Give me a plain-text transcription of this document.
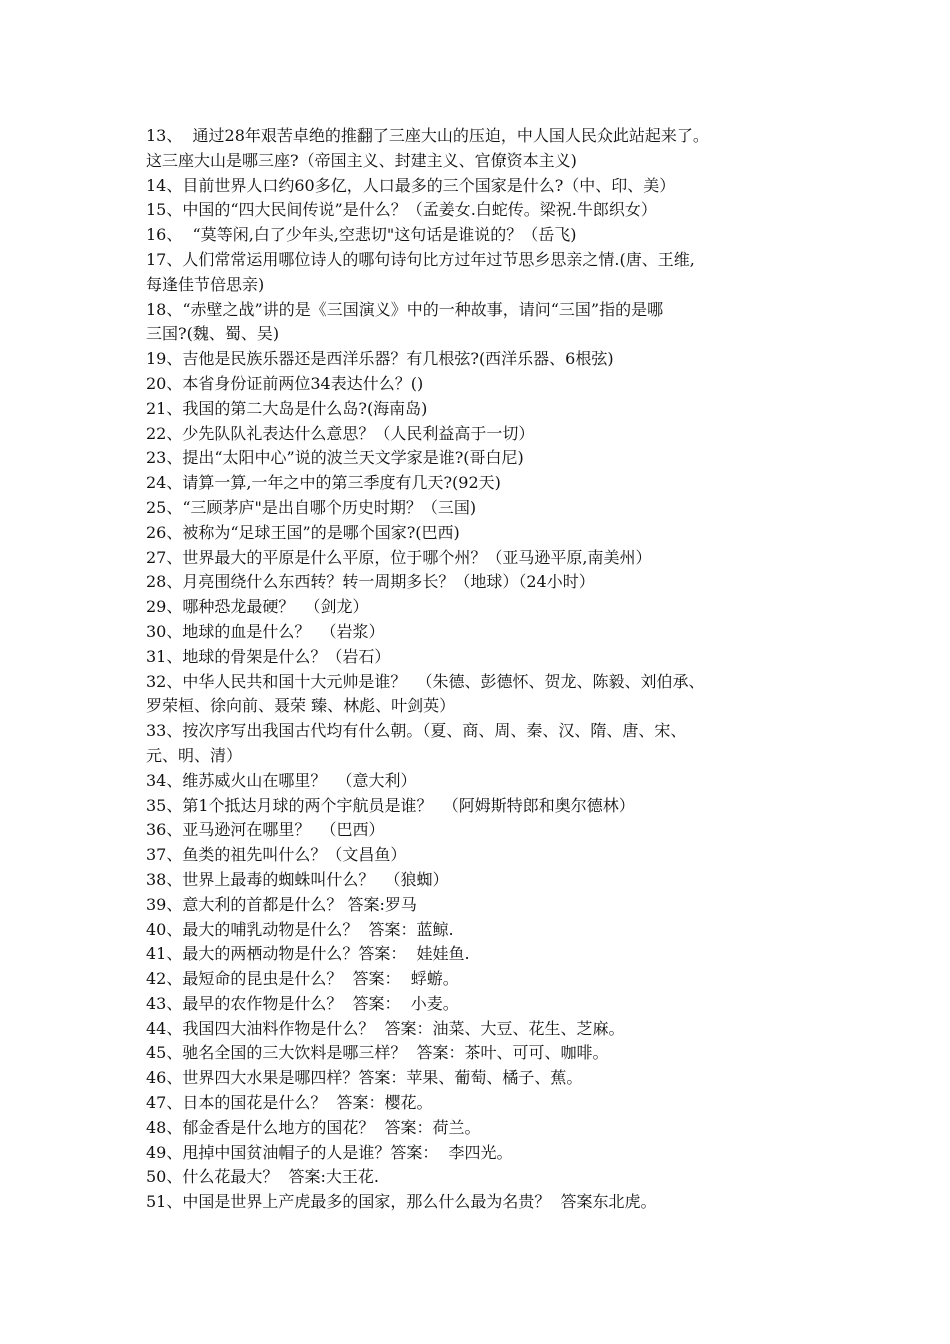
13、  通过28年艰苦卓绝的推翻了三座大山的压迫，中人国人民众此站起来了。
这三座大山是哪三座?（帝国主义、封建主义、官僚资本主义)
14、目前世界人口约60多亿，人口最多的三个国家是什么?（中、印、美）
15、中国的“四大民间传说”是什么？（孟姜女.白蛇传。梁祝.牛郎织女）
16、  “莫等闲,白了少年头,空悲切"这句话是谁说的？（岳飞)
17、人们常常运用哪位诗人的哪句诗句比方过年过节思乡思亲之情.(唐、王维,
每逢佳节倍思亲)
18、“赤壁之战”讲的是《三国演义》中的一种故事，请问“三国”指的是哪
三国?(魏、蜀、吴)
19、吉他是民族乐器还是西洋乐器？有几根弦?(西洋乐器、6根弦)
20、本省身份证前两位34表达什么？()
21、我国的第二大岛是什么岛?(海南岛)
22、少先队队礼表达什么意思？（人民利益高于一切）
23、提出“太阳中心”说的波兰天文学家是谁?(哥白尼)
24、请算一算,一年之中的第三季度有几天?(92天)
25、“三顾茅庐"是出自哪个历史时期？（三国)
26、被称为“足球王国”的是哪个国家?(巴西)
27、世界最大的平原是什么平原，位于哪个州？（亚马逊平原,南美州）
28、月亮围绕什么东西转？转一周期多长？（地球）（24小时）
29、哪种恐龙最硬？  （剑龙）
30、地球的血是什么？  （岩浆）
31、地球的骨架是什么？（岩石）
32、中华人民共和国十大元帅是谁？  （朱德、彭德怀、贺龙、陈毅、刘伯承、
罗荣桓、徐向前、聂荣 臻、林彪、叶剑英）
33、按次序写出我国古代均有什么朝。（夏、商、周、秦、汉、隋、唐、宋、
元、明、清）
34、维苏威火山在哪里？  （意大利）
35、第1个抵达月球的两个宇航员是谁？  （阿姆斯特郎和奥尔德林）
36、亚马逊河在哪里？  （巴西）
37、鱼类的祖先叫什么？（文昌鱼）
38、世界上最毒的蜘蛛叫什么？  （狼蜘）
39、意大利的首都是什么？ 答案:罗马
40、最大的哺乳动物是什么？  答案：蓝鲸.
41、最大的两栖动物是什么？答案：  娃娃鱼.
42、最短命的昆虫是什么？  答案：  蜉蝣。
43、最早的农作物是什么？  答案：  小麦。
44、我国四大油料作物是什么？  答案：油菜、大豆、花生、芝麻。
45、驰名全国的三大饮料是哪三样？  答案：茶叶、可可、咖啡。
46、世界四大水果是哪四样？答案：苹果、葡萄、橘子、蕉。
47、日本的国花是什么？  答案：樱花。
48、郁金香是什么地方的国花？  答案：荷兰。
49、甩掉中国贫油帽子的人是谁？答案：  李四光。
50、什么花最大？  答案:大王花.
51、中国是世界上产虎最多的国家，那么什么最为名贵？  答案东北虎。
